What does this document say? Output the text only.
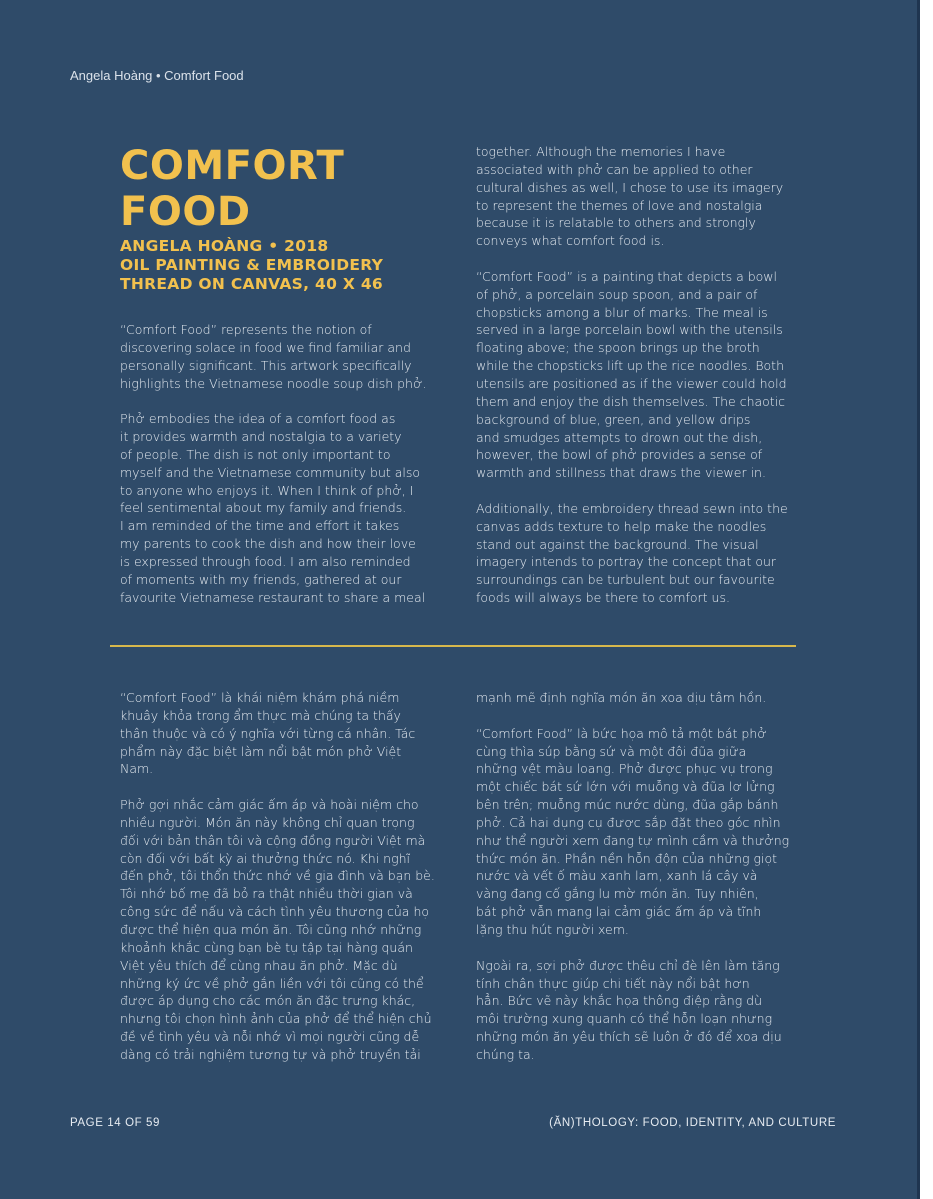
Angela Hoàng • Comfort Food
COMFORT
FOOD
ANGELA HOÀNG • 2018
OIL PAINTING & EMBROIDERY
THREAD ON CANVAS, 40 X 46

“Comfort Food” represents the notion of
discovering solace in food we find familiar and
personally significant. This artwork specifically
highlights the Vietnamese noodle soup dish phở.

Phở embodies the idea of a comfort food as
it provides warmth and nostalgia to a variety
of people. The dish is not only important to
myself and the Vietnamese community but also
to anyone who enjoys it. When I think of phở, I
feel sentimental about my family and friends.
I am reminded of the time and effort it takes
my parents to cook the dish and how their love
is expressed through food. I am also reminded
of moments with my friends, gathered at our
favourite Vietnamese restaurant to share a meal

together. Although the memories I have
associated with phở can be applied to other
cultural dishes as well, I chose to use its imagery
to represent the themes of love and nostalgia
because it is relatable to others and strongly
conveys what comfort food is.

“Comfort Food” is a painting that depicts a bowl
of phở, a porcelain soup spoon, and a pair of
chopsticks among a blur of marks. The meal is
served in a large porcelain bowl with the utensils
floating above; the spoon brings up the broth
while the chopsticks lift up the rice noodles. Both
utensils are positioned as if the viewer could hold
them and enjoy the dish themselves. The chaotic
background of blue, green, and yellow drips
and smudges attempts to drown out the dish,
however, the bowl of phở provides a sense of
warmth and stillness that draws the viewer in.

Additionally, the embroidery thread sewn into the
canvas adds texture to help make the noodles
stand out against the background. The visual
imagery intends to portray the concept that our
surroundings can be turbulent but our favourite
foods will always be there to comfort us.

“Comfort Food” là khái niệm khám phá niềm
khuây khỏa trong ẩm thực mà chúng ta thấy
thân thuộc và có ý nghĩa với từng cá nhân. Tác
phẩm này đặc biệt làm nổi bật món phở Việt
Nam.

Phở gợi nhắc cảm giác ấm áp và hoài niệm cho
nhiều người. Món ăn này không chỉ quan trọng
đối với bản thân tôi và cộng đồng người Việt mà
còn đối với bất kỳ ai thưởng thức nó. Khi nghĩ
đến phở, tôi thổn thức nhớ về gia đình và bạn bè.
Tôi nhớ bố mẹ đã bỏ ra thật nhiều thời gian và
công sức để nấu và cách tình yêu thương của họ
được thể hiện qua món ăn. Tôi cũng nhớ những
khoảnh khắc cùng bạn bè tụ tập tại hàng quán
Việt yêu thích để cùng nhau ăn phở. Mặc dù
những ký ức về phở gắn liền với tôi cũng có thể
được áp dụng cho các món ăn đặc trưng khác,
nhưng tôi chọn hình ảnh của phở để thể hiện chủ
đề về tình yêu và nỗi nhớ vì mọi người cũng dễ
dàng có trải nghiệm tương tự và phở truyền tải

mạnh mẽ định nghĩa món ăn xoa dịu tâm hồn.

“Comfort Food” là bức họa mô tả một bát phở
cùng thìa súp bằng sứ và một đôi đũa giữa
những vệt màu loang. Phở được phục vụ trong
một chiếc bát sứ lớn với muỗng và đũa lơ lửng
bên trên; muỗng múc nước dùng, đũa gắp bánh
phở. Cả hai dụng cụ được sắp đặt theo góc nhìn
như thể người xem đang tự mình cầm và thưởng
thức món ăn. Phần nền hỗn độn của những giọt
nước và vết ố màu xanh lam, xanh lá cây và
vàng đang cố gắng lu mờ món ăn. Tuy nhiên,
bát phở vẫn mang lại cảm giác ấm áp và tĩnh
lặng thu hút người xem.

Ngoài ra, sợi phở được thêu chỉ đè lên làm tăng
tính chân thực giúp chi tiết này nổi bật hơn
hẳn. Bức vẽ này khắc họa thông điệp rằng dù
môi trường xung quanh có thể hỗn loạn nhưng
những món ăn yêu thích sẽ luôn ở đó để xoa dịu
chúng ta.

PAGE 14 OF 59	(ĂN)THOLOGY: FOOD, IDENTITY, AND CULTURE
